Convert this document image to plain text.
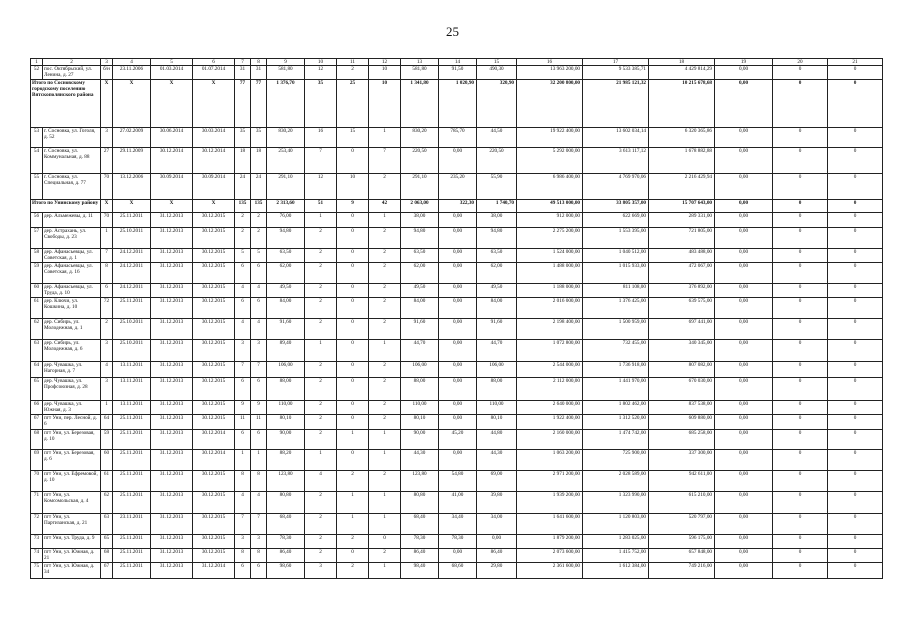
25
1	2	3	4	5	6	7	8	9	10	11	12	13	14	15	16	17	18	19	20	21
52	пос. Октябрьский, ул. Ленина, д. 27	б/н	23.11.2006	01.03.2014	01.07.2014	31	31	581,80	12	2	10	581,80	91,50	490,30	13 963 200,00	9 533 385,71	4 429 814,29	0,00	0	0
Итого по Сосновскому городскому поселению Вятскополянского района		X	X	X	X	77	77	1 376,70	35	25	10	1 341,80	1 020,90	320,90	32 200 800,00	21 985 121,32	10 215 678,68	0,00	0	0
53	г. Сосновка, ул. Гоголя, д. 52	3	27.02.2009	30.06.2014	30.03.2014	35	35	830,20	16	15	1	830,20	785,70	44,50	19 922 400,00	13 602 034,14	6 320 365,86	0,00	0	0
54	г. Сосновка, ул. Коммунальная, д. 88	27	29.11.2009	30.12.2014	30.12.2014	18	18	253,40	7	0	7	220,50	0,00	220,50	5 292 000,00	3 613 117,12	1 678 882,88	0,00	0	0
55	г. Сосновка, ул. Специальная, д. 77	70	13.12.2006	30.09.2014	30.09.2014	24	24	291,10	12	10	2	291,10	235,20	55,90	6 986 400,00	4 769 970,06	2 216 429,94	0,00	0	0
Итого по Унинскому району		X	X	X	X	135	135	2 313,60	51	9	42	2 063,00	322,30	1 740,70	49 513 000,00	33 805 357,00	15 707 643,00	0,00	0	0
56	дер. Альмежевы, д. 11	70	25.11.2011	31.12.2013	30.12.2015	2	2	76,00	1	0	1	38,00	0,00	38,00	912 000,00	622 669,00	289 331,00	0,00	0	0
57	дер. Астрахань, ул. Свободы, д. 23	1	25.10.2011	31.12.2013	30.12.2015	2	2	94,80	2	0	2	94,80	0,00	94,80	2 275 200,00	1 553 395,00	721 805,00	0,00	0	0
58	дер. Афанасьевцы, ул. Советская, д. 1	7	24.12.2011	31.12.2013	30.12.2015	5	5	63,50	2	0	2	63,50	0,00	63,50	1 524 000,00	1 040 512,00	483 488,00	0,00	0	0
59	дер. Афанасьевцы, ул. Советская, д. 16	8	24.12.2011	31.12.2013	30.12.2015	6	6	62,00	2	0	2	62,00	0,00	62,00	1 488 000,00	1 015 933,00	472 067,00	0,00	0	0
60	дер. Афанасьевцы, ул. Труда, д. 10	6	24.12.2011	31.12.2013	30.12.2015	4	4	49,50	2	0	2	49,50	0,00	49,50	1 188 000,00	811 108,00	376 892,00	0,00	0	0
61	дер. Ключи, ул. Кошкина, д. 10	72	25.11.2011	31.12.2013	30.12.2015	6	6	84,00	2	0	2	84,00	0,00	84,00	2 016 000,00	1 376 425,00	639 575,00	0,00	0	0
62	дер. Сибирь, ул. Молодежная, д. 1	2	25.10.2011	31.12.2013	30.12.2015	4	4	91,60	2	0	2	91,60	0,00	91,60	2 198 400,00	1 500 959,00	697 441,00	0,00	0	0
63	дер. Сибирь, ул. Молодежная, д. 6	3	25.10.2011	31.12.2013	30.12.2015	3	3	89,40	1	0	1	44,70	0,00	44,70	1 072 800,00	732 455,00	340 345,00	0,00	0	0
64	дер. Чувашка, ул. Нагорная, д. 7	4	13.11.2011	31.12.2013	30.12.2015	7	7	106,00	2	0	2	106,00	0,00	106,00	2 544 000,00	1 736 918,00	807 082,00	0,00	0	0
65	дер. Чувашка, ул. Профсоюзная, д. 28	3	13.11.2011	31.12.2013	30.12.2015	6	6	88,00	2	0	2	88,00	0,00	88,00	2 112 000,00	1 441 970,00	670 030,00	0,00	0	0
66	дер. Чувашка, ул. Южная, д. 3	1	13.11.2011	31.12.2013	30.12.2015	9	9	110,00	2	0	2	110,00	0,00	110,00	2 640 000,00	1 802 462,00	837 538,00	0,00	0	0
67	пгт Уни, пер. Лесной, д. 6	64	25.11.2011	31.12.2013	30.12.2015	11	11	80,10	2	0	2	80,10	0,00	80,10	1 922 400,00	1 312 520,00	609 880,00	0,00	0	0
68	пгт Уни, ул. Березовая, д. 10	59	25.11.2011	31.12.2013	30.12.2014	6	6	90,00	2	1	1	90,00	45,20	44,80	2 160 000,00	1 474 742,00	685 258,00	0,00	0	0
69	пгт Уни, ул. Березовая, д. 6	60	25.11.2011	31.12.2013	30.12.2014	1	1	88,20	1	0	1	44,30	0,00	44,30	1 063 200,00	725 900,00	337 300,00	0,00	0	0
70	пгт Уни, ул. Ефремовой, д. 10	61	25.11.2011	31.12.2013	30.12.2015	8	8	123,80	4	2	2	123,80	54,80	69,00	2 971 200,00	2 028 589,00	942 611,00	0,00	0	0
71	пгт Уни, ул. Комсомольская, д. 4	62	25.11.2011	31.12.2013	30.12.2015	4	4	80,80	2	1	1	80,80	41,00	39,80	1 939 200,00	1 323 990,00	615 210,00	0,00	0	0
72	пгт Уни, ул. Партизанская, д. 21	63	23.11.2011	31.12.2013	30.12.2015	7	7	68,40	2	1	1	68,40	34,40	34,00	1 641 600,00	1 120 803,00	520 797,00	0,00	0	0
73	пгт Уни, ул. Труда, д. 9	65	25.11.2011	31.12.2013	30.12.2015	3	3	78,30	2	2	0	78,30	78,30	0,00	1 879 200,00	1 283 025,00	596 175,00	0,00	0	0
74	пгт Уни, ул. Южная, д. 21	68	25.11.2011	31.12.2013	30.12.2015	8	8	86,40	2	0	2	86,40	0,00	86,40	2 073 600,00	1 415 752,00	657 848,00	0,00	0	0
75	пгт Уни, ул. Южная, д. 34	67	25.11.2011	31.12.2013	31.12.2014	6	6	98,60	3	2	1	98,40	68,60	29,80	2 361 600,00	1 612 384,00	749 216,00	0,00	0	0
